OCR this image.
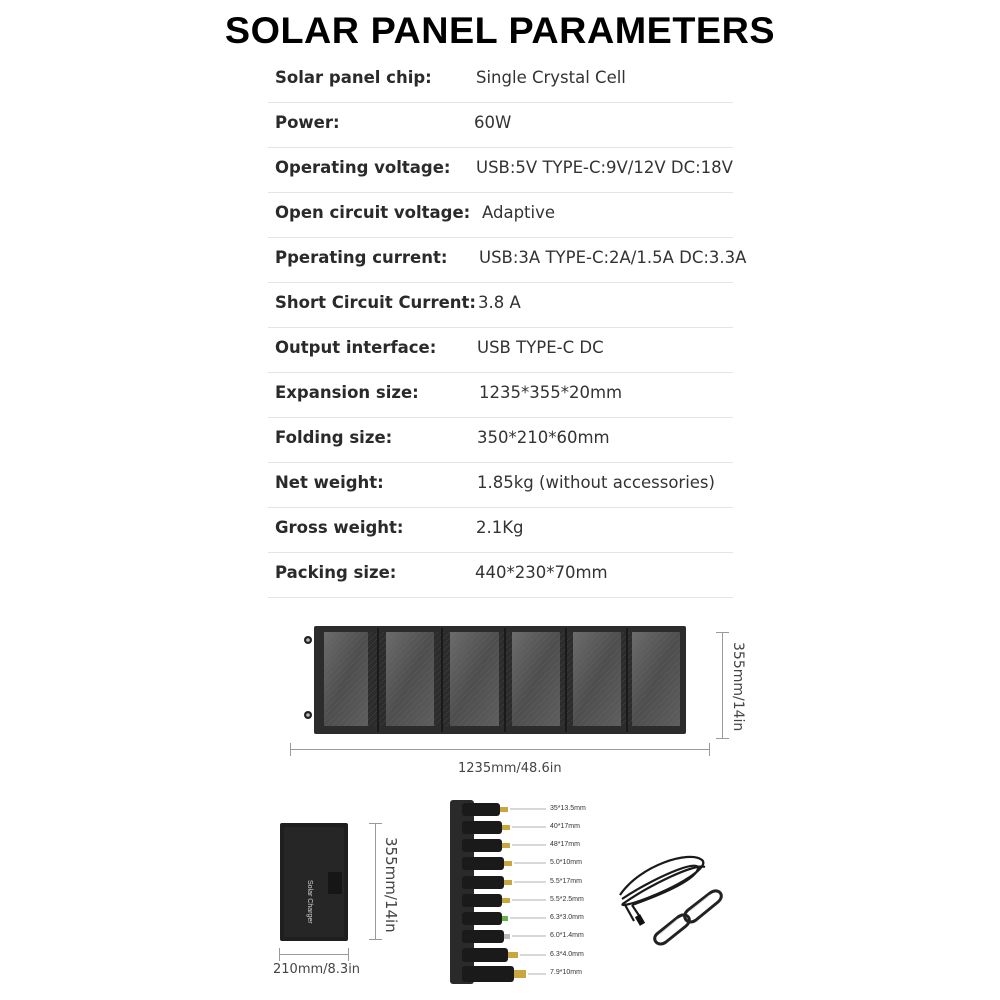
SOLAR PANEL PARAMETERS
Solar panel chip:	Single Crystal Cell
Power:	60W
Operating voltage: USB:5V TYPE-C:9V/12V DC:18V
Open circuit voltage: Adaptive
Pperating current: USB:3A TYPE-C:2A/1.5A DC:3.3A
Short Circuit Current: 3.8 A
Output interface: USB TYPE-C DC
Expansion size:	1235*355*20mm
Folding size:	350*210*60mm
Net weight:	1.85kg (without accessories)
Gross weight:	2.1Kg
Packing size:	440*230*70mm
1235mm/48.6in
355mm/14in
Solar Charger	355mm/14in
210mm/8.3in
35*13.5mm
40*17mm
48*17mm
5.0*10mm
5.5*17mm
5.5*2.5mm
6.3*3.0mm
6.0*1.4mm
6.3*4.0mm
7.9*10mm
